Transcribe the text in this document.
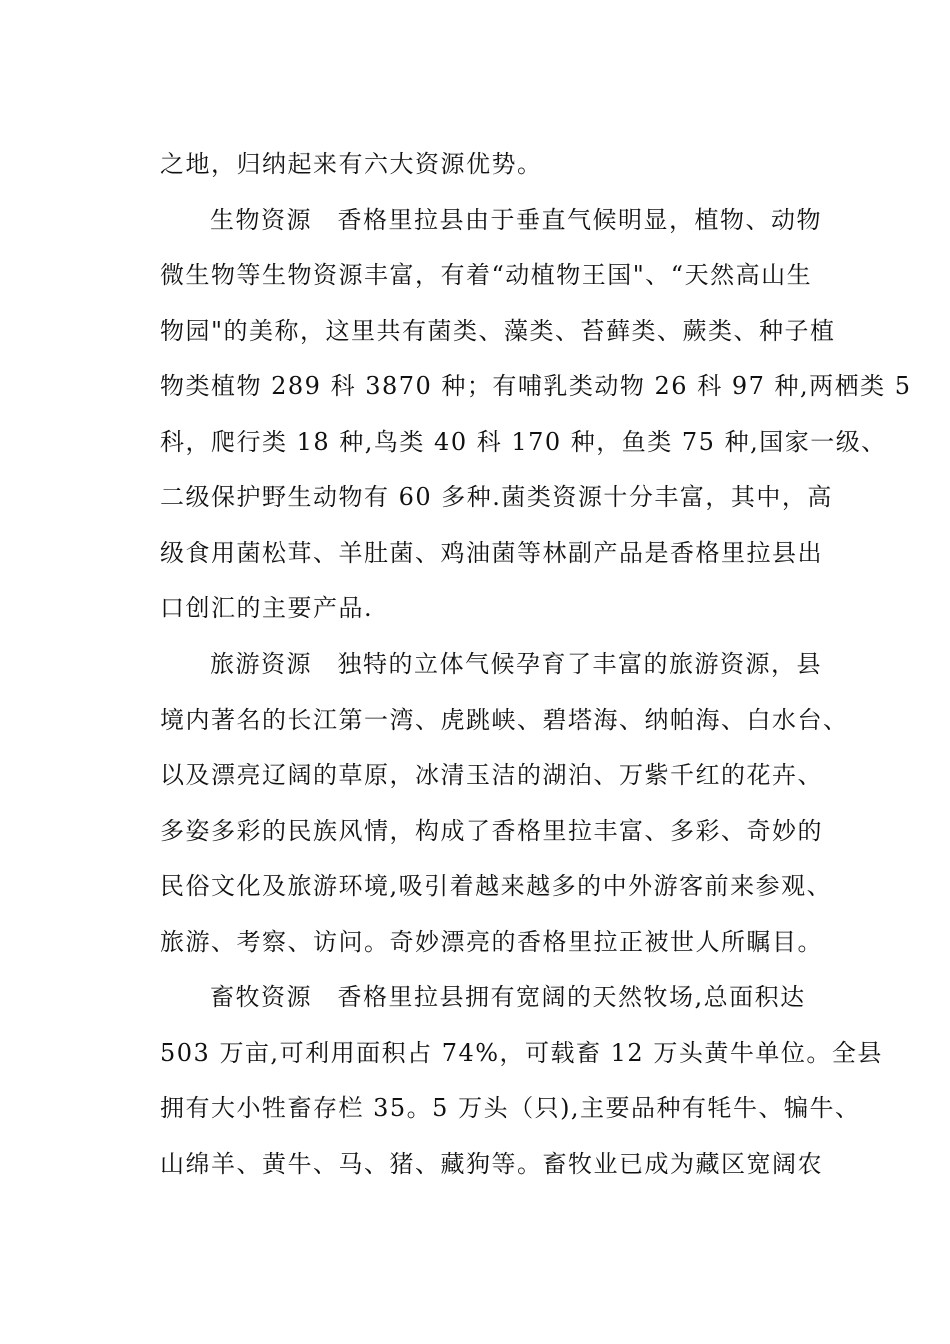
之地，归纳起来有六大资源优势。
生物资源　香格里拉县由于垂直气候明显，植物、动物
微生物等生物资源丰富，有着“动植物王国"、“天然高山生
物园"的美称，这里共有菌类、藻类、苔藓类、蕨类、种子植
物类植物 289 科 3870 种；有哺乳类动物 26 科 97 种,两栖类 5
科，爬行类 18 种,鸟类 40 科 170 种，鱼类 75 种,国家一级、
二级保护野生动物有 60 多种.菌类资源十分丰富，其中，高
级食用菌松茸、羊肚菌、鸡油菌等林副产品是香格里拉县出
口创汇的主要产品.
旅游资源　独特的立体气候孕育了丰富的旅游资源，县
境内著名的长江第一湾、虎跳峡、碧塔海、纳帕海、白水台、
以及漂亮辽阔的草原，冰清玉洁的湖泊、万紫千红的花卉、
多姿多彩的民族风情，构成了香格里拉丰富、多彩、奇妙的
民俗文化及旅游环境,吸引着越来越多的中外游客前来参观、
旅游、考察、访问。奇妙漂亮的香格里拉正被世人所瞩目。
畜牧资源　香格里拉县拥有宽阔的天然牧场,总面积达
503 万亩,可利用面积占 74%，可载畜 12 万头黄牛单位。全县
拥有大小牲畜存栏 35。5 万头（只),主要品种有牦牛、犏牛、
山绵羊、黄牛、马、猪、藏狗等。畜牧业已成为藏区宽阔农
